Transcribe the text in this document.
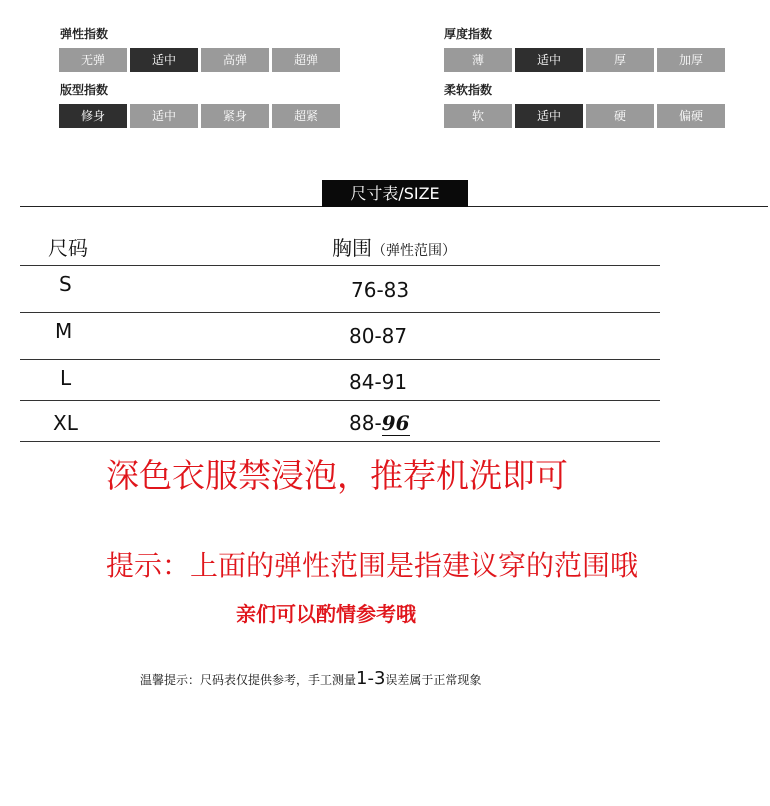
弹性指数
无弹	适中	高弹	超弹
版型指数
修身	适中	紧身	超紧
厚度指数
薄	适中	厚	加厚
柔软指数
软	适中	硬	偏硬
尺寸表/SIZE
尺码	胸围（弹性范围）
S	76-83
M	80-87
L	84-91
XL	88-96
深色衣服禁浸泡，推荐机洗即可
提示：上面的弹性范围是指建议穿的范围哦
亲们可以酌情参考哦
温馨提示：尺码表仅提供参考，手工测量1-3误差属于正常现象
